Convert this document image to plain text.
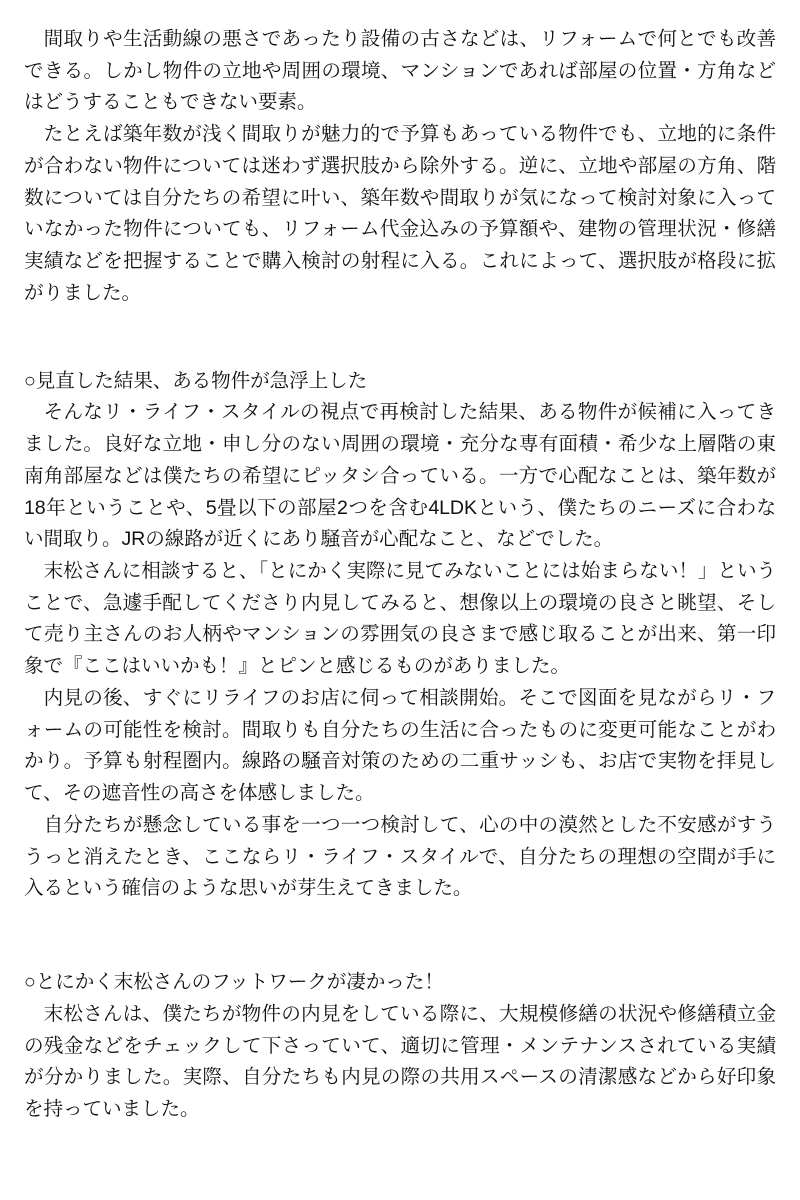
間取りや生活動線の悪さであったり設備の古さなどは、リフォームで何とでも改善できる。しかし物件の立地や周囲の環境、マンションであれば部屋の位置・方角などはどうすることもできない要素。

たとえば築年数が浅く間取りが魅力的で予算もあっている物件でも、立地的に条件が合わない物件については迷わず選択肢から除外する。逆に、立地や部屋の方角、階数については自分たちの希望に叶い、築年数や間取りが気になって検討対象に入っていなかった物件についても、リフォーム代金込みの予算額や、建物の管理状況・修繕実績などを把握することで購入検討の射程に入る。これによって、選択肢が格段に拡がりました。

○見直した結果、ある物件が急浮上した

そんなリ・ライフ・スタイルの視点で再検討した結果、ある物件が候補に入ってきました。良好な立地・申し分のない周囲の環境・充分な専有面積・希少な上層階の東南角部屋などは僕たちの希望にピッタシ合っている。一方で心配なことは、築年数が18年ということや、5畳以下の部屋2つを含む4LDKという、僕たちのニーズに合わない間取り。JRの線路が近くにあり騒音が心配なこと、などでした。

末松さんに相談すると、「とにかく実際に見てみないことには始まらない！」ということで、急遽手配してくださり内見してみると、想像以上の環境の良さと眺望、そして売り主さんのお人柄やマンションの雰囲気の良さまで感じ取ることが出来、第一印象で『ここはいいかも！』とピンと感じるものがありました。

内見の後、すぐにリライフのお店に伺って相談開始。そこで図面を見ながらリ・フォームの可能性を検討。間取りも自分たちの生活に合ったものに変更可能なことがわかり。予算も射程圏内。線路の騒音対策のための二重サッシも、お店で実物を拝見して、その遮音性の高さを体感しました。

自分たちが懸念している事を一つ一つ検討して、心の中の漠然とした不安感がすううっと消えたとき、ここならリ・ライフ・スタイルで、自分たちの理想の空間が手に入るという確信のような思いが芽生えてきました。

○とにかく末松さんのフットワークが凄かった！

末松さんは、僕たちが物件の内見をしている際に、大規模修繕の状況や修繕積立金の残金などをチェックして下さっていて、適切に管理・メンテナンスされている実績が分かりました。実際、自分たちも内見の際の共用スペースの清潔感などから好印象を持っていました。
